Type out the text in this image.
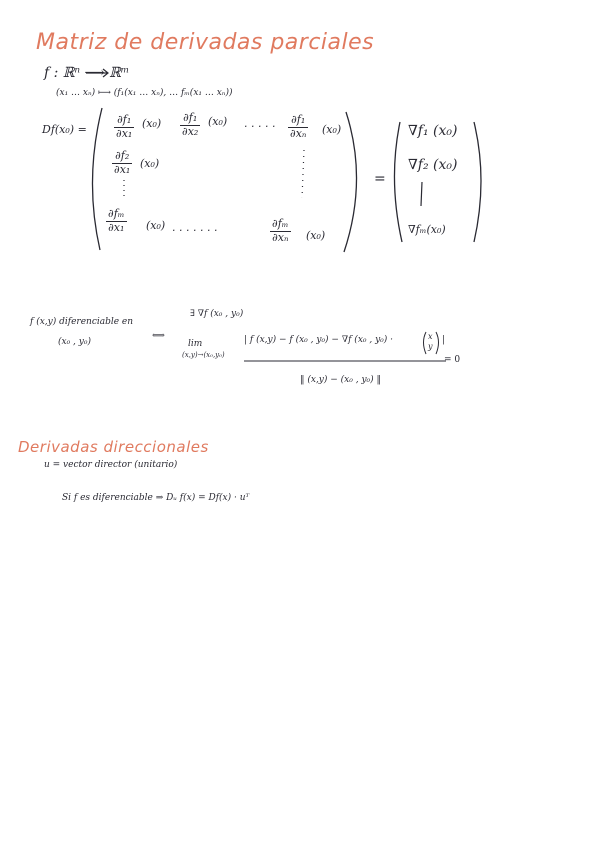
Matriz de derivadas parciales
f : ℝⁿ ⟶ ℝᵐ
(x₁ … xₙ) ⟼ (f₁(x₁ … xₙ), … fₘ(x₁ … xₙ))
$Df(x_0) = \frac{\text{∂f₁}}{\text{∂x₁}} (x_0) \frac{\text{∂f₁}}{\text{∂x₂}} (x_0)$ . . . . . $\frac{\text{∂f₁}}{\text{∂xₙ}} (x_0)$
$\frac{\text{∂f₂}}{\text{∂x₁}} (x_0)$
$\frac{\text{∂fₘ}}{\text{∂x₁}} (x_0)$ . . . . . . .	$\frac{\text{∂fₘ}}{\text{∂xₙ}} (x_0)$
=
∇f₁ (x₀)
∇f₂ (x₀)
∇fₘ(x₀)
f (x,y) diferenciable en
(x₀ , y₀)
⟺
∃ ∇f (x₀ , y₀)
lim
(x,y)→(x₀,y₀)
| f (x,y) − f (x₀ , y₀) − ∇f (x₀ , y₀) ·	x
y
|
‖ (x,y) − (x₀ , y₀) ‖
= 0
Derivadas direccionales
u = vector director (unitario)
Si f es diferenciable ⇒ Dᵤ f(x) = Df(x) · uᵀ
